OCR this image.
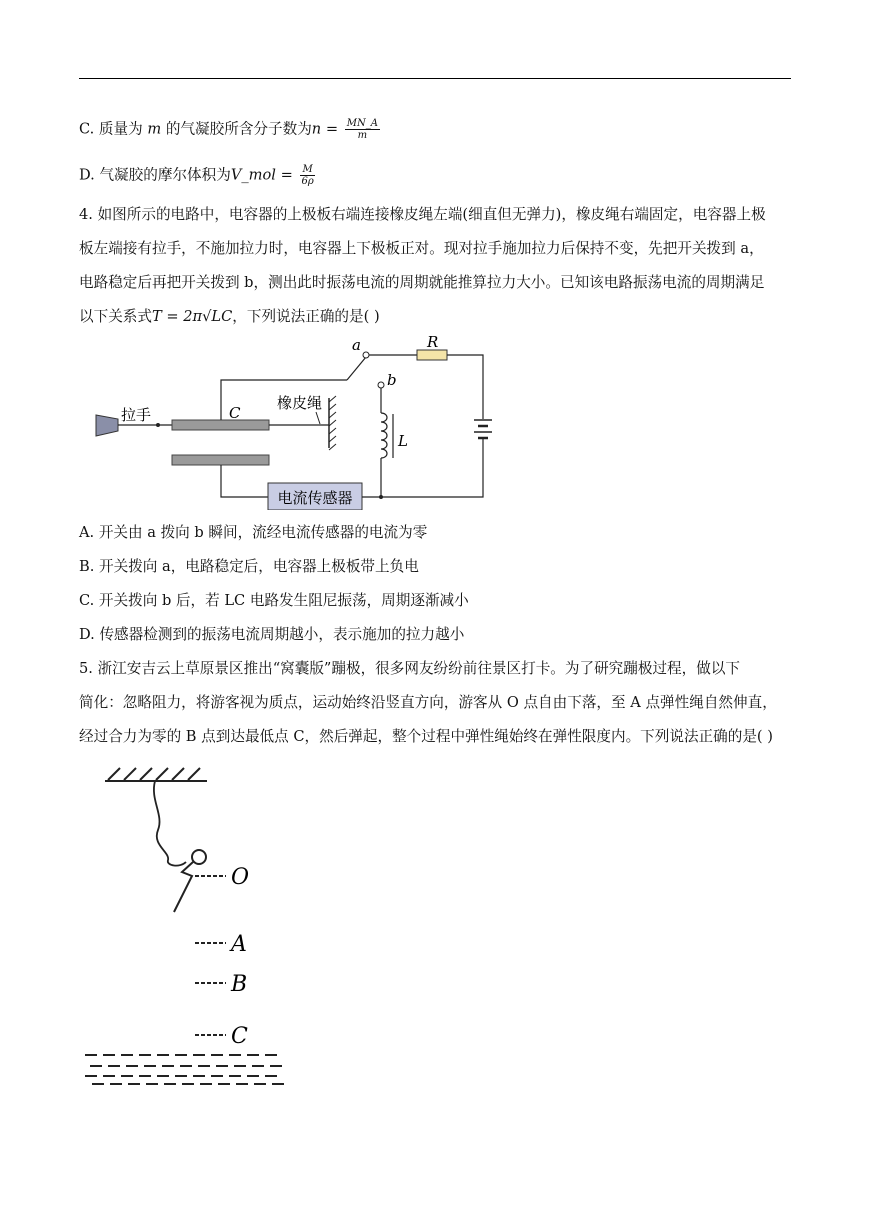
C. 质量为 m 的气凝胶所含分子数为$n = \frac{MN\_A}{m}$
D. 气凝胶的摩尔体积为V_mol = $\frac{M}{6\rho}$
4. 如图所示的电路中，电容器的上极板右端连接橡皮绳左端(细直但无弹力)，橡皮绳右端固定，电容器上极
板左端接有拉手，不施加拉力时，电容器上下极板正对。现对拉手施加拉力后保持不变，先把开关拨到 a，
电路稳定后再把开关拨到 b，测出此时振荡电流的周期就能推算拉力大小。已知该电路振荡电流的周期满足
以下关系式T = 2π√LC，下列说法正确的是( )
拉手	C
橡皮绳
a
b
R
L
电流传感器
A. 开关由 a 拨向 b 瞬间，流经电流传感器的电流为零
B. 开关拨向 a，电路稳定后，电容器上极板带上负电
C. 开关拨向 b 后，若 LC 电路发生阻尼振荡，周期逐渐减小
D. 传感器检测到的振荡电流周期越小，表示施加的拉力越小
5. 浙江安吉云上草原景区推出“窝囊版”蹦极，很多网友纷纷前往景区打卡。为了研究蹦极过程，做以下
简化：忽略阻力，将游客视为质点，运动始终沿竖直方向，游客从 O 点自由下落，至 A 点弹性绳自然伸直，
经过合力为零的 B 点到达最低点 C，然后弹起，整个过程中弹性绳始终在弹性限度内。下列说法正确的是( )
O
A
B
C
